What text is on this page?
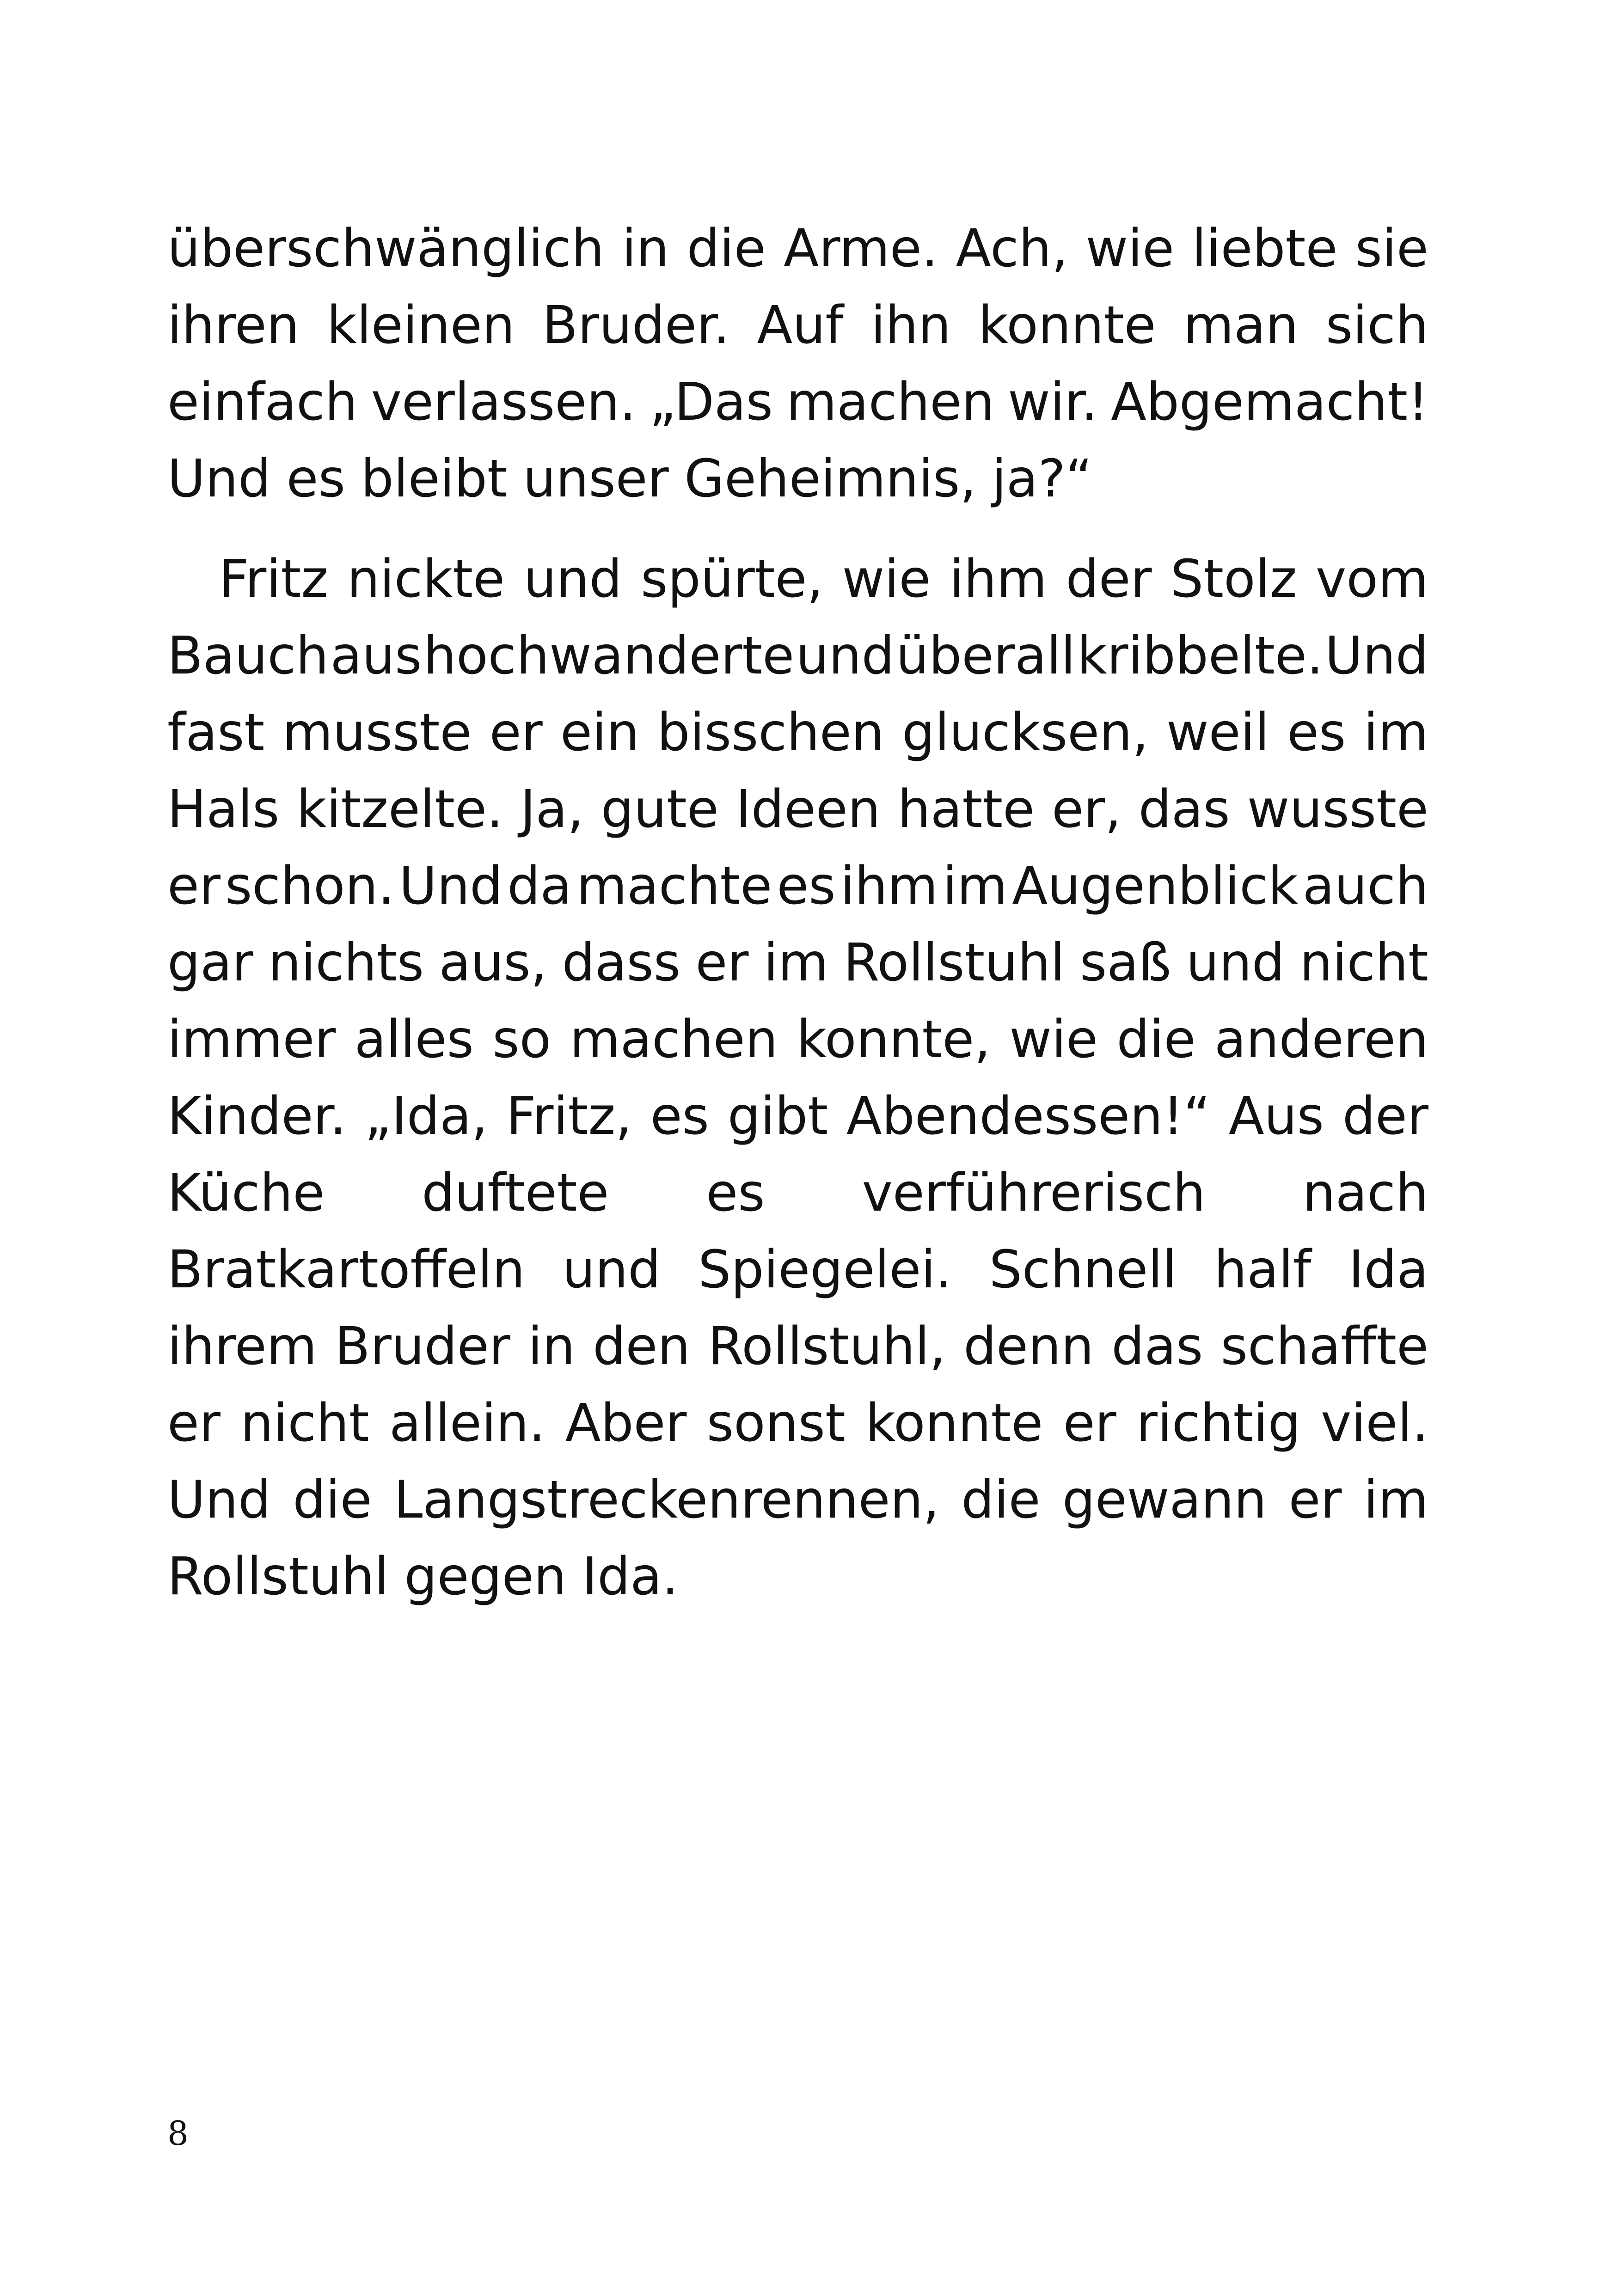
überschwänglich in die Arme. Ach, wie liebte sie
ihren kleinen Bruder. Auf ihn konnte man sich
einfach verlassen. „Das machen wir. Abgemacht!
Und es bleibt unser Geheimnis, ja?“
Fritz nickte und spürte, wie ihm der Stolz vom
Bauch aus hochwanderte und überall kribbelte. Und
fast musste er ein bisschen glucksen, weil es im
Hals kitzelte. Ja, gute Ideen hatte er, das wusste
er schon. Und da machte es ihm im Augenblick auch
gar nichts aus, dass er im Rollstuhl saß und nicht
immer alles so machen konnte, wie die anderen
Kinder. „Ida, Fritz, es gibt Abendessen!“ Aus der
Küche duftete es verführerisch nach
Bratkartoffeln und Spiegelei. Schnell half Ida
ihrem Bruder in den Rollstuhl, denn das schaffte
er nicht allein. Aber sonst konnte er richtig viel.
Und die Langstreckenrennen, die gewann er im
Rollstuhl gegen Ida.
8
